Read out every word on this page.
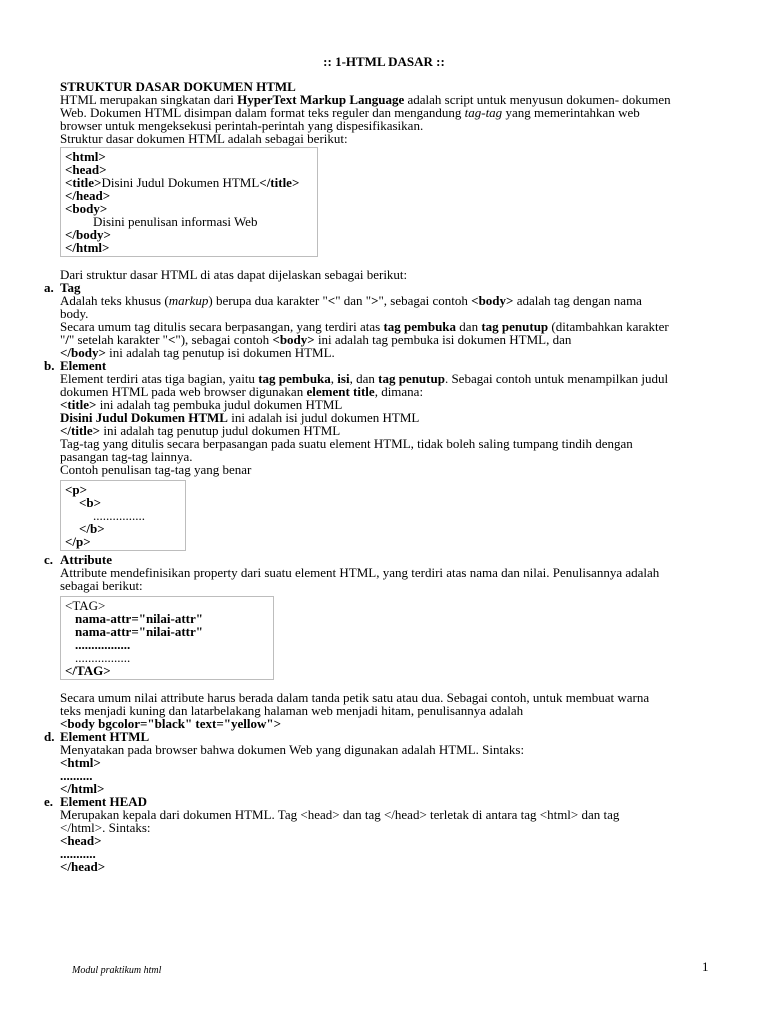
:: 1-HTML DASAR ::

STRUKTUR DASAR DOKUMEN HTML

HTML merupakan singkatan dari HyperText Markup Language adalah script untuk menyusun dokumen- dokumen

Web. Dokumen HTML disimpan dalam format teks reguler dan mengandung tag-tag yang memerintahkan web

browser untuk mengeksekusi perintah-perintah yang dispesifikasikan.

Struktur dasar dokumen HTML adalah sebagai berikut:

<html>
<head>
<title>Disini Judul Dokumen HTML</title>
</head>
<body>
Disini penulisan informasi Web
</body>
</html>

Dari struktur dasar HTML di atas dapat dijelaskan sebagai berikut:

a. Tag

Adalah teks khusus (markup) berupa dua karakter "<" dan ">", sebagai contoh <body> adalah tag dengan nama

body.

Secara umum tag ditulis secara berpasangan, yang terdiri atas tag pembuka dan tag penutup (ditambahkan karakter

"/" setelah karakter "<"), sebagai contoh <body> ini adalah tag pembuka isi dokumen HTML, dan

</body> ini adalah tag penutup isi dokumen HTML.

b. Element

Element terdiri atas tiga bagian, yaitu tag pembuka, isi, dan tag penutup. Sebagai contoh untuk menampilkan judul

dokumen HTML pada web browser digunakan element title, dimana:

<title> ini adalah tag pembuka judul dokumen HTML

Disini Judul Dokumen HTML ini adalah isi judul dokumen HTML

</title> ini adalah tag penutup judul dokumen HTML

Tag-tag yang ditulis secara berpasangan pada suatu element HTML, tidak boleh saling tumpang tindih dengan

pasangan tag-tag lainnya.

Contoh penulisan tag-tag yang benar

<p>
<b>
................
</b>
</p>
c. Attribute

Attribute mendefinisikan property dari suatu element HTML, yang terdiri atas nama dan nilai. Penulisannya adalah

sebagai berikut:

<TAG>
nama-attr="nilai-attr"
nama-attr="nilai-attr"
.................
.................
</TAG>

Secara umum nilai attribute harus berada dalam tanda petik satu atau dua. Sebagai contoh, untuk membuat warna

teks menjadi kuning dan latarbelakang halaman web menjadi hitam, penulisannya adalah

<body bgcolor="black" text="yellow">

d. Element HTML

Menyatakan pada browser bahwa dokumen Web yang digunakan adalah HTML. Sintaks:

<html>

..........

</html>

e. Element HEAD

Merupakan kepala dari dokumen HTML. Tag <head> dan tag </head> terletak di antara tag <html> dan tag

</html>. Sintaks:

<head>

...........

</head>

Modul praktikum html	1
